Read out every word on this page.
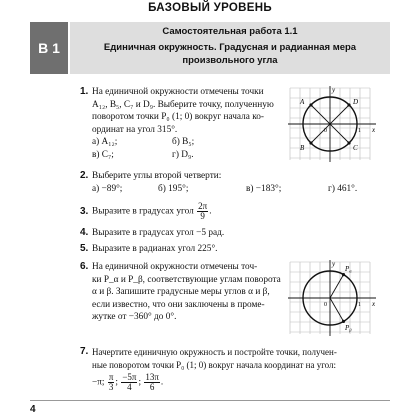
БАЗОВЫЙ УРОВЕНЬ
В 1
Самостоятельная работа 1.1
Единичная окружность. Градусная и радианная мера произвольного угла
1. На единичной окружности отмечены точки
A₁₂, B₅, C₇ и D₉. Выберите точку, полученную
поворотом точки P₀ (1; 0) вокруг начала ко-
ординат на угол 315°.
а) A₁₂;	б) B₅;
в) C₇;	г) D₉.
A	D
B	C
y
x
0	1
2. Выберите углы второй четверти:
а) −89°;	б) 195°;	в) −183°;	г) 461°.
3. Выразите в градусах угол $\frac{2\pi}{9}$ .
4. Выразите в градусах угол −5 рад.
5. Выразите в радианах угол 225°.
6. На единичной окружности отмечены точ-
ки P_α и P_β, соответствующие углам поворота
α и β. Запишите градусные меры углов α и β,
если известно, что они заключены в проме-
жутке от −360° до 0°.
$P_\alpha$
$P_\beta$
y
x
0	1
7. Начертите единичную окружность и постройте точки, получен-
ные поворотом точки P₀ (1; 0) вокруг начала координат на угол:
−π; $\frac{\pi}{3}$ ; $\frac{-5\pi}{4}$ ; $\frac{13\pi}{6}$ .
4
